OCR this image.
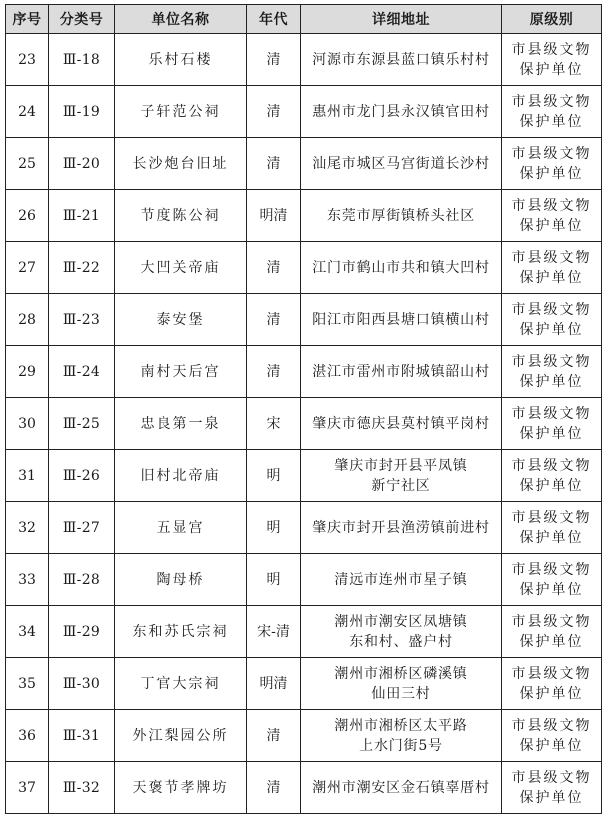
序号	分类号	单位名称	年代	详细地址	原级别
23	Ⅲ-18	乐村石楼	清	河源市东源县蓝口镇乐村村	市县级文物
保护单位

24	Ⅲ-19	子轩范公祠	清	惠州市龙门县永汉镇官田村	市县级文物
保护单位

25	Ⅲ-20	长沙炮台旧址	清	汕尾市城区马宫街道长沙村	市县级文物
保护单位

26	Ⅲ-21	节度陈公祠	明清	东莞市厚街镇桥头社区	市县级文物
保护单位

27	Ⅲ-22	大凹关帝庙	清	江门市鹤山市共和镇大凹村	市县级文物
保护单位

28	Ⅲ-23	泰安堡	清	阳江市阳西县塘口镇横山村	市县级文物
保护单位

29	Ⅲ-24	南村天后宫	清	湛江市雷州市附城镇韶山村	市县级文物
保护单位

30	Ⅲ-25	忠良第一泉	宋	肇庆市德庆县莫村镇平岗村	市县级文物
保护单位

31	Ⅲ-26	旧村北帝庙	明	肇庆市封开县平凤镇
新宁社区	市县级文物
保护单位

32	Ⅲ-27	五显宫	明	肇庆市封开县渔涝镇前进村	市县级文物
保护单位

33	Ⅲ-28	陶母桥	明	清远市连州市星子镇	市县级文物
保护单位

34	Ⅲ-29	东和苏氏宗祠	宋-清	潮州市潮安区凤塘镇
东和村、盛户村	市县级文物
保护单位

35	Ⅲ-30	丁官大宗祠	明清	潮州市湘桥区磷溪镇
仙田三村	市县级文物
保护单位

36	Ⅲ-31	外江梨园公所	清	潮州市湘桥区太平路
上水门街5号	市县级文物
保护单位

37	Ⅲ-32	天褒节孝牌坊	清	潮州市潮安区金石镇辜厝村	市县级文物
保护单位
